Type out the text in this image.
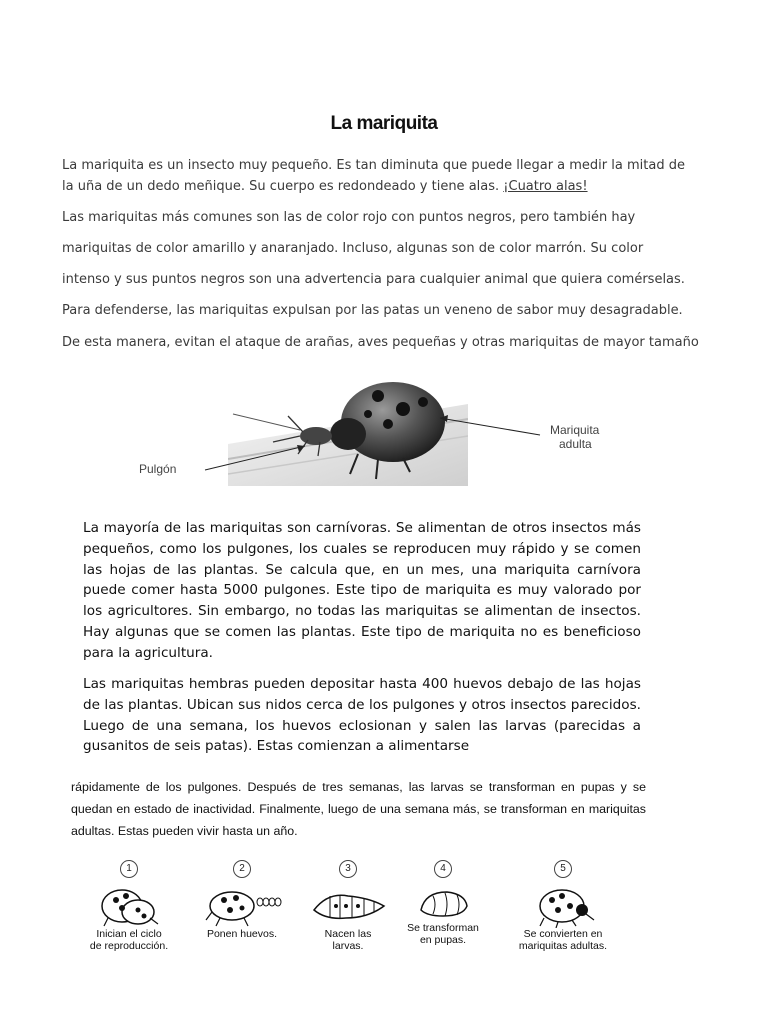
La mariquita
La mariquita es un insecto muy pequeño. Es tan diminuta que puede llegar a medir la mitad de la uña de un dedo meñique. Su cuerpo es redondeado y tiene alas. ¡Cuatro alas!
Las mariquitas más comunes son las de color rojo con puntos negros, pero también hay
mariquitas de color amarillo y anaranjado. Incluso, algunas son de color marrón. Su color
intenso y sus puntos negros son una advertencia para cualquier animal que quiera comérselas.
Para defenderse, las mariquitas expulsan por las patas un veneno de sabor muy desagradable.
De esta manera, evitan el ataque de arañas, aves pequeñas y otras mariquitas de mayor tamaño
Pulgón
Mariquita
adulta
La mayoría de las mariquitas son carnívoras. Se alimentan de otros insectos más pequeños, como los pulgones, los cuales se reproducen muy rápido y se comen las hojas de las plantas. Se calcula que, en un mes, una mariquita carnívora puede comer hasta 5000 pulgones. Este tipo de mariquita es muy valorado por los agricultores. Sin embargo, no todas las mariquitas se alimentan de insectos. Hay algunas que se comen las plantas. Este tipo de mariquita no es beneficioso para la agricultura.
Las mariquitas hembras pueden depositar hasta 400 huevos debajo de las hojas de las plantas. Ubican sus nidos cerca de los pulgones y otros insectos parecidos. Luego de una semana, los huevos eclosionan y salen las larvas (parecidas a gusanitos de seis patas). Estas comienzan a alimentarse
rápidamente de los pulgones. Después de tres semanas, las larvas se transforman en pupas y se quedan en estado de inactividad. Finalmente, luego de una semana más, se transforman en mariquitas adultas. Estas pueden vivir hasta un año.
1
Inician el ciclo
de reproducción.
2
Ponen huevos.
3
Nacen las
larvas.
4
Se transforman
en pupas.
5
Se convierten en
mariquitas adultas.
